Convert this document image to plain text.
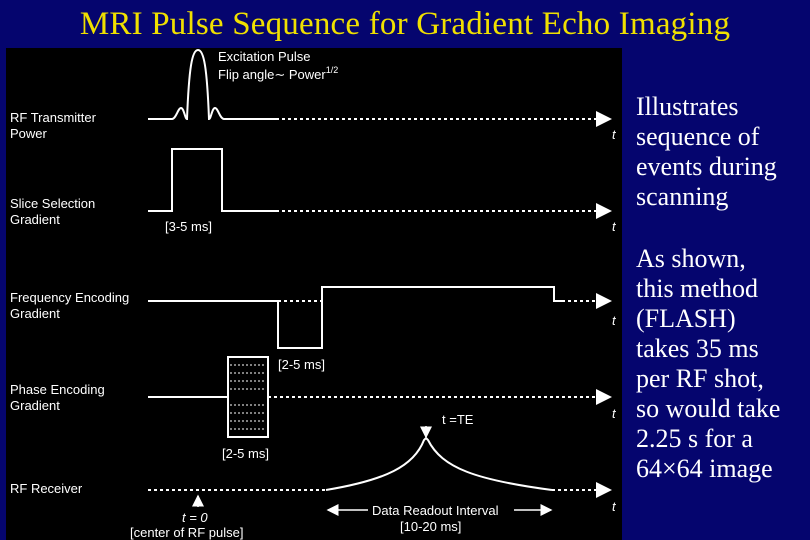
MRI Pulse Sequence for Gradient Echo Imaging
RF Transmitter
Power
Slice Selection
Gradient
Frequency Encoding
Gradient
Phase Encoding
Gradient
RF Receiver
Excitation Pulse
Flip angle∼ Power$^{1/2}$
t
[3-5 ms]	t
[2-5 ms]
t
[2-5 ms]
t
t =TE
t
t = 0
[center of RF pulse]
Data Readout Interval
[10-20 ms]
Illustrates
sequence of
events during
scanning
As shown,
this method
(FLASH)
takes 35 ms
per RF shot,
so would take
2.25 s for a
64×64 image
